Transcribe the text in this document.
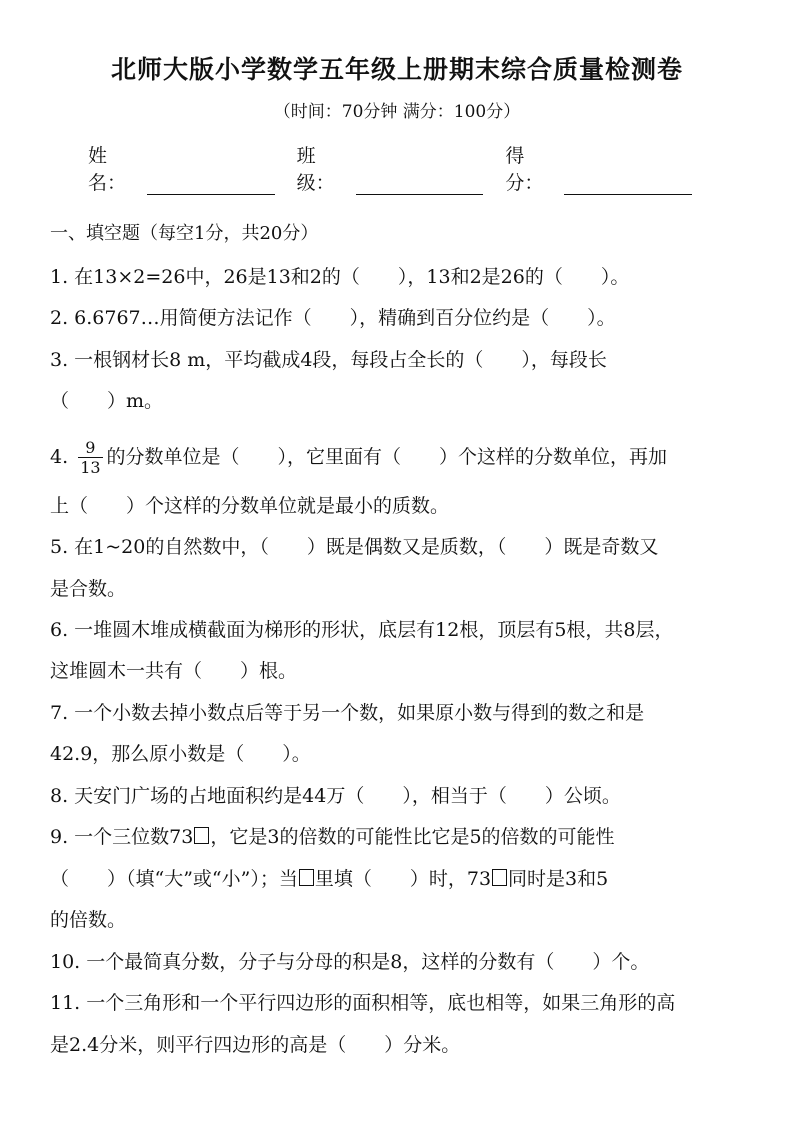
北师大版小学数学五年级上册期末综合质量检测卷
（时间：70分钟 满分：100分）
姓名：
班级：
得分：
一、填空题（每空1分，共20分）
1. 在13×2=26中，26是13和2的（　　），13和2是26的（　　）。
2. 6.6767…用简便方法记作（　　），精确到百分位约是（　　）。
3. 一根钢材长8 m，平均截成4段，每段占全长的（　　），每段长
（　　）m。
4. $\frac{9}{13}$ 的分数单位是（　　），它里面有（　　）个这样的分数单位，再加
上（　　）个这样的分数单位就是最小的质数。
5. 在1~20的自然数中，（　　）既是偶数又是质数，（　　）既是奇数又
是合数。
6. 一堆圆木堆成横截面为梯形的形状，底层有12根，顶层有5根，共8层，
这堆圆木一共有（　　）根。
7. 一个小数去掉小数点后等于另一个数，如果原小数与得到的数之和是
42.9，那么原小数是（　　）。
8. 天安门广场的占地面积约是44万（　　），相当于（　　）公顷。
9. 一个三位数73 ，它是3的倍数的可能性比它是5的倍数的可能性
（　　）（填“大”或“小”）；当 里填（　　）时，73 同时是3和5
的倍数。
10. 一个最简真分数，分子与分母的积是8，这样的分数有（　　）个。
11. 一个三角形和一个平行四边形的面积相等，底也相等，如果三角形的高
是2.4分米，则平行四边形的高是（　　）分米。
